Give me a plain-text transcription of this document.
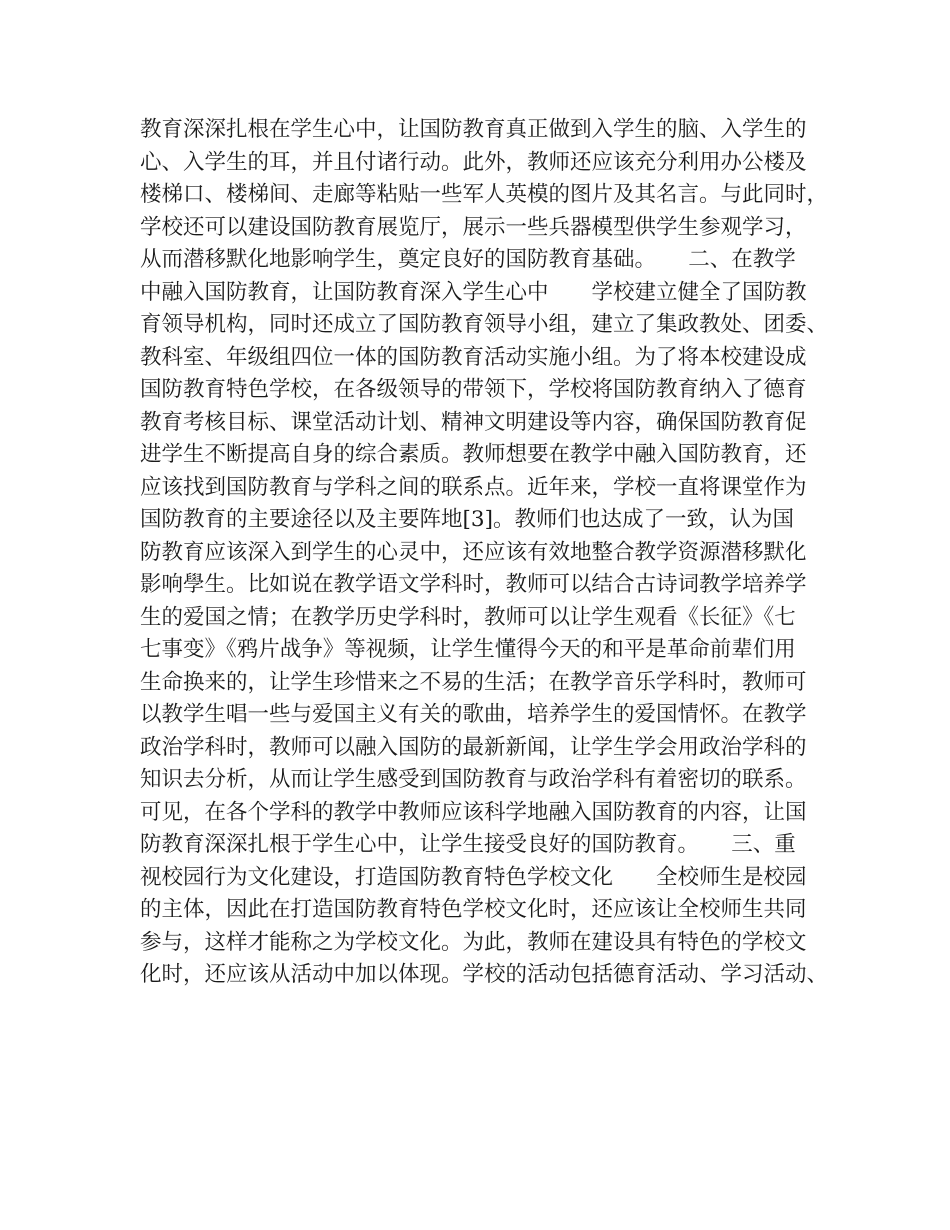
教育深深扎根在学生心中，让国防教育真正做到入学生的脑、入学生的
心、入学生的耳，并且付诸行动。此外，教师还应该充分利用办公楼及
楼梯口、楼梯间、走廊等粘贴一些军人英模的图片及其名言。与此同时，
学校还可以建设国防教育展览厅，展示一些兵器模型供学生参观学习，
从而潜移默化地影响学生，奠定良好的国防教育基础。　　二、在教学
中融入国防教育，让国防教育深入学生心中　　学校建立健全了国防教
育领导机构，同时还成立了国防教育领导小组，建立了集政教处、团委、
教科室、年级组四位一体的国防教育活动实施小组。为了将本校建设成
国防教育特色学校，在各级领导的带领下，学校将国防教育纳入了德育
教育考核目标、课堂活动计划、精神文明建设等内容，确保国防教育促
进学生不断提高自身的综合素质。教师想要在教学中融入国防教育，还
应该找到国防教育与学科之间的联系点。近年来，学校一直将课堂作为
国防教育的主要途径以及主要阵地[3]。教师们也达成了一致，认为国
防教育应该深入到学生的心灵中，还应该有效地整合教学资源潜移默化
影响學生。比如说在教学语文学科时，教师可以结合古诗词教学培养学
生的爱国之情；在教学历史学科时，教师可以让学生观看《长征》《七
七事变》《鸦片战争》等视频，让学生懂得今天的和平是革命前辈们用
生命换来的，让学生珍惜来之不易的生活；在教学音乐学科时，教师可
以教学生唱一些与爱国主义有关的歌曲，培养学生的爱国情怀。在教学
政治学科时，教师可以融入国防的最新新闻，让学生学会用政治学科的
知识去分析，从而让学生感受到国防教育与政治学科有着密切的联系。
可见，在各个学科的教学中教师应该科学地融入国防教育的内容，让国
防教育深深扎根于学生心中，让学生接受良好的国防教育。　　三、重
视校园行为文化建设，打造国防教育特色学校文化　　全校师生是校园
的主体，因此在打造国防教育特色学校文化时，还应该让全校师生共同
参与，这样才能称之为学校文化。为此，教师在建设具有特色的学校文
化时，还应该从活动中加以体现。学校的活动包括德育活动、学习活动、
